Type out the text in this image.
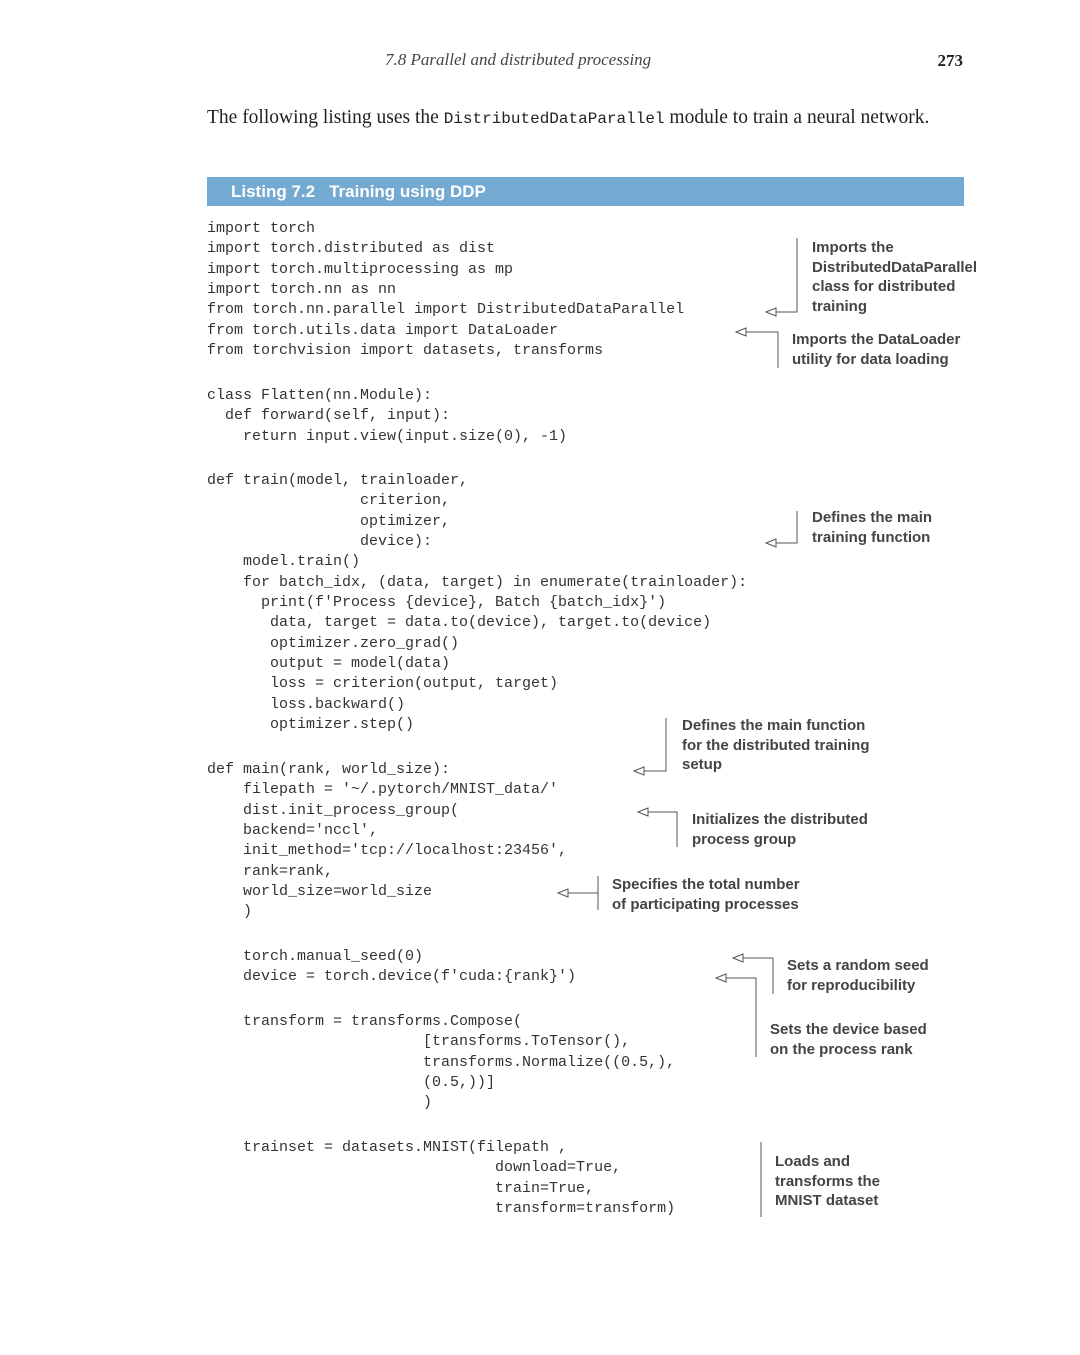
7.8 Parallel and distributed processing	273

The following listing uses the DistributedDataParallel module to train a neural network.

Listing 7.2 Training using DDP
import torch
import torch.distributed as dist
import torch.multiprocessing as mp
import torch.nn as nn
from torch.nn.parallel import DistributedDataParallel
from torch.utils.data import DataLoader
from torchvision import datasets, transforms
class Flatten(nn.Module):
def forward(self, input):
return input.view(input.size(0), -1)
def train(model, trainloader,
criterion,
optimizer,
device):
model.train()
for batch_idx, (data, target) in enumerate(trainloader):
print(f'Process {device}, Batch {batch_idx}')
data, target = data.to(device), target.to(device)
optimizer.zero_grad()
output = model(data)
loss = criterion(output, target)
loss.backward()
optimizer.step()
def main(rank, world_size):
filepath = '~/.pytorch/MNIST_data/'
dist.init_process_group(
backend='nccl',
init_method='tcp://localhost:23456',
rank=rank,
world_size=world_size
)
torch.manual_seed(0)
device = torch.device(f'cuda:{rank}')
transform = transforms.Compose(
[transforms.ToTensor(),
transforms.Normalize((0.5,),
(0.5,))]
)
trainset = datasets.MNIST(filepath ,
download=True,
train=True,
transform=transform)
Imports the DistributedDataParallel class for distributed training
Imports the DataLoader utility for data loading
Defines the main training function
Defines the main function for the distributed training setup
Initializes the distributed process group
Specifies the total number of participating processes
Sets a random seed for reproducibility
Sets the device based on the process rank
Loads and transforms the MNIST dataset
